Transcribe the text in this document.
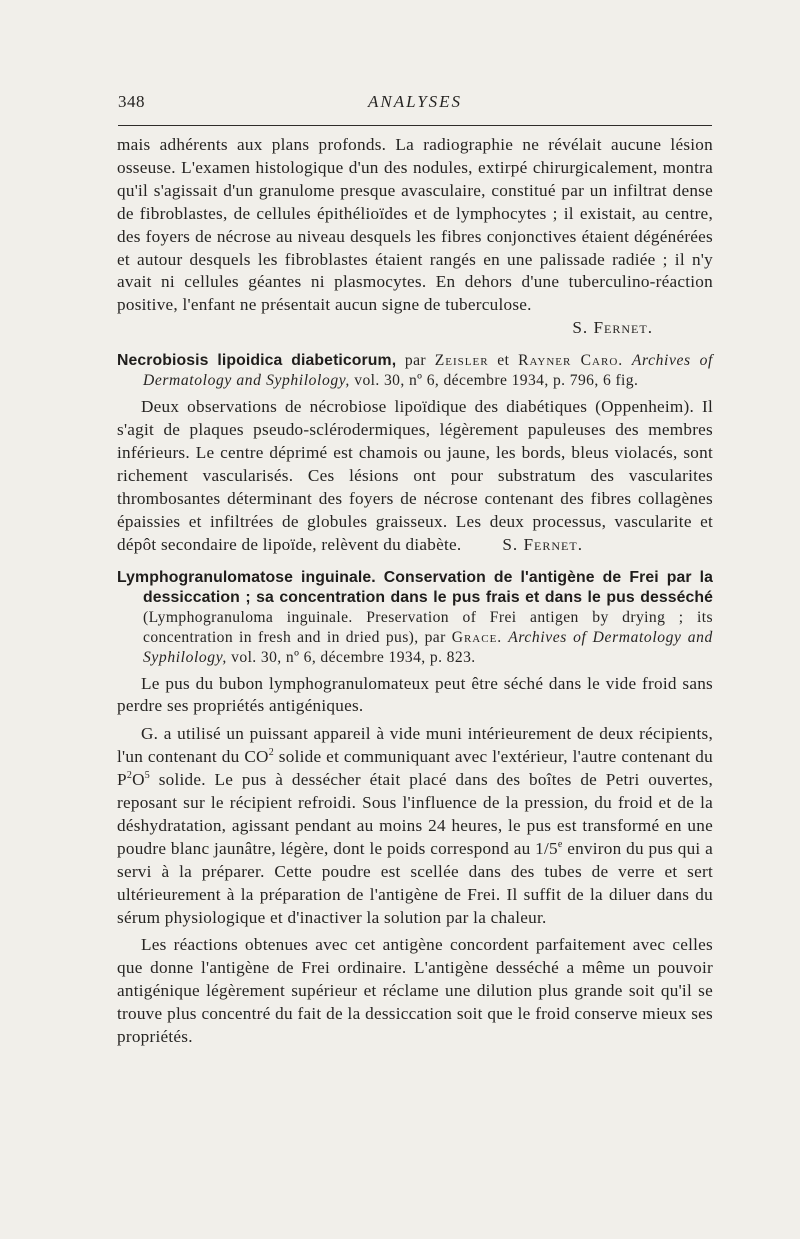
348	ANALYSES

mais adhérents aux plans profonds. La radiographie ne révélait aucune lésion osseuse. L'examen histologique d'un des nodules, extirpé chirurgicalement, montra qu'il s'agissait d'un granulome presque avasculaire, constitué par un infiltrat dense de fibroblastes, de cellules épithélioïdes et de lymphocytes ; il existait, au centre, des foyers de nécrose au niveau desquels les fibres conjonctives étaient dégénérées et autour desquels les fibroblastes étaient rangés en une palissade radiée ; il n'y avait ni cellules géantes ni plasmocytes. En dehors d'une tuberculino-réaction positive, l'enfant ne présentait aucun signe de tuberculose.

S. Fernet.

Necrobiosis lipoidica diabeticorum, par Zeisler et Rayner Caro. Archives of Dermatology and Syphilology, vol. 30, nº 6, décembre 1934, p. 796, 6 fig.

Deux observations de nécrobiose lipoïdique des diabétiques (Oppenheim). Il s'agit de plaques pseudo-sclérodermiques, légèrement papuleuses des membres inférieurs. Le centre déprimé est chamois ou jaune, les bords, bleus violacés, sont richement vascularisés. Ces lésions ont pour substratum des vascularites thrombosantes déterminant des foyers de nécrose contenant des fibres collagènes épaissies et infiltrées de globules graisseux. Les deux processus, vascularite et dépôt secondaire de lipoïde, relèvent du diabète. S. Fernet.

Lymphogranulomatose inguinale. Conservation de l'antigène de Frei par la dessiccation ; sa concentration dans le pus frais et dans le pus desséché (Lymphogranuloma inguinale. Preservation of Frei antigen by drying ; its concentration in fresh and in dried pus), par Grace. Archives of Dermatology and Syphilology, vol. 30, nº 6, décembre 1934, p. 823.

Le pus du bubon lymphogranulomateux peut être séché dans le vide froid sans perdre ses propriétés antigéniques.

G. a utilisé un puissant appareil à vide muni intérieurement de deux récipients, l'un contenant du $CO^2$ solide et communiquant avec l'extérieur, l'autre contenant du $P^2O^5$ solide. Le pus à dessécher était placé dans des boîtes de Petri ouvertes, reposant sur le récipient refroidi. Sous l'influence de la pression, du froid et de la déshydratation, agissant pendant au moins 24 heures, le pus est transformé en une poudre blanc jaunâtre, légère, dont le poids correspond au 1/5e environ du pus qui a servi à la préparer. Cette poudre est scellée dans des tubes de verre et sert ultérieurement à la préparation de l'antigène de Frei. Il suffit de la diluer dans du sérum physiologique et d'inactiver la solution par la chaleur.

Les réactions obtenues avec cet antigène concordent parfaitement avec celles que donne l'antigène de Frei ordinaire. L'antigène desséché a même un pouvoir antigénique légèrement supérieur et réclame une dilution plus grande soit qu'il se trouve plus concentré du fait de la dessiccation soit que le froid conserve mieux ses propriétés.
